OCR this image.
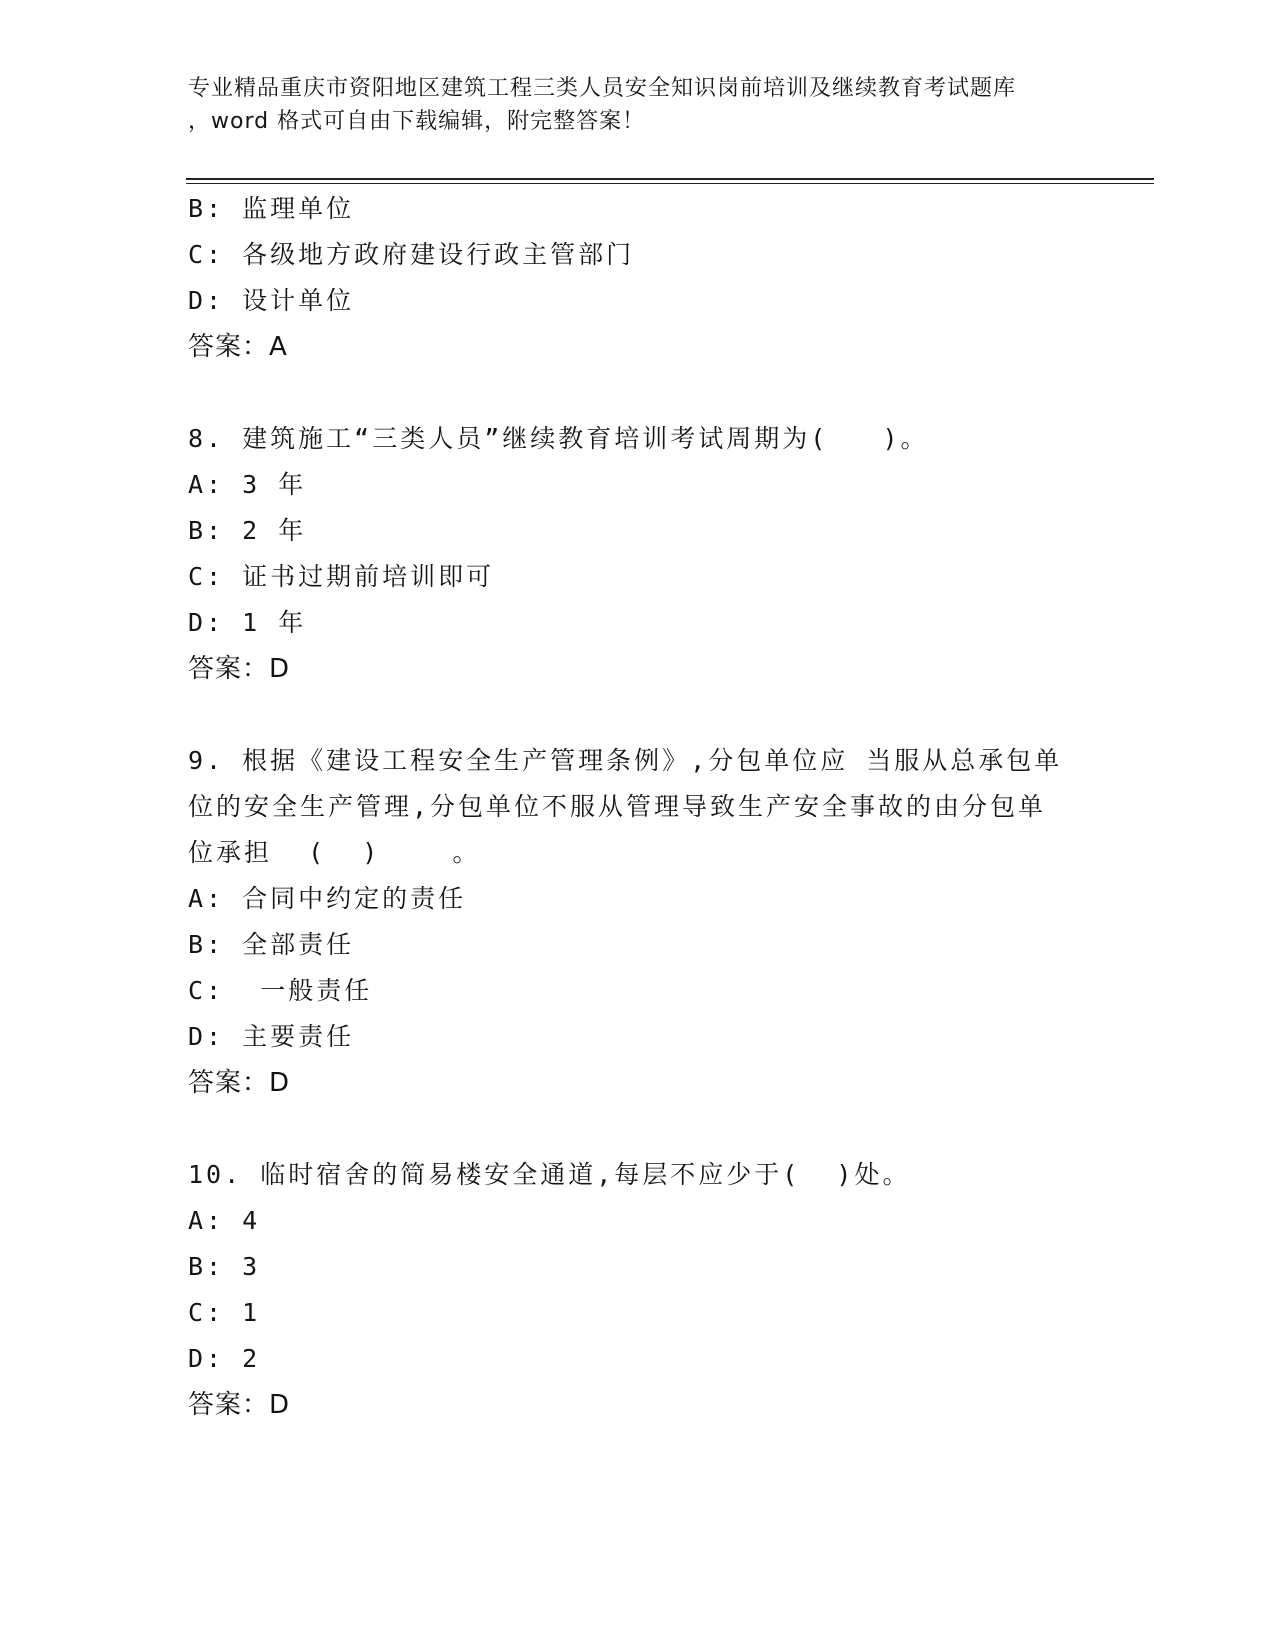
专业精品重庆市资阳地区建筑工程三类人员安全知识岗前培训及继续教育考试题库
，word 格式可自由下载编辑，附完整答案！
B: 监理单位
C: 各级地方政府建设行政主管部门
D: 设计单位
答案：A
8. 建筑施工“三类人员”继续教育培训考试周期为(   )。
A: 3 年
B: 2 年
C: 证书过期前培训即可
D: 1 年
答案：D
9. 根据《建设工程安全生产管理条例》,分包单位应 当服从总承包单
位的安全生产管理,分包单位不服从管理导致生产安全事故的由分包单
位承担  (  )    。
A: 合同中约定的责任
B: 全部责任
C:  一般责任
D: 主要责任
答案：D
10. 临时宿舍的简易楼安全通道,每层不应少于(  )处。
A: 4
B: 3
C: 1
D: 2
答案：D
